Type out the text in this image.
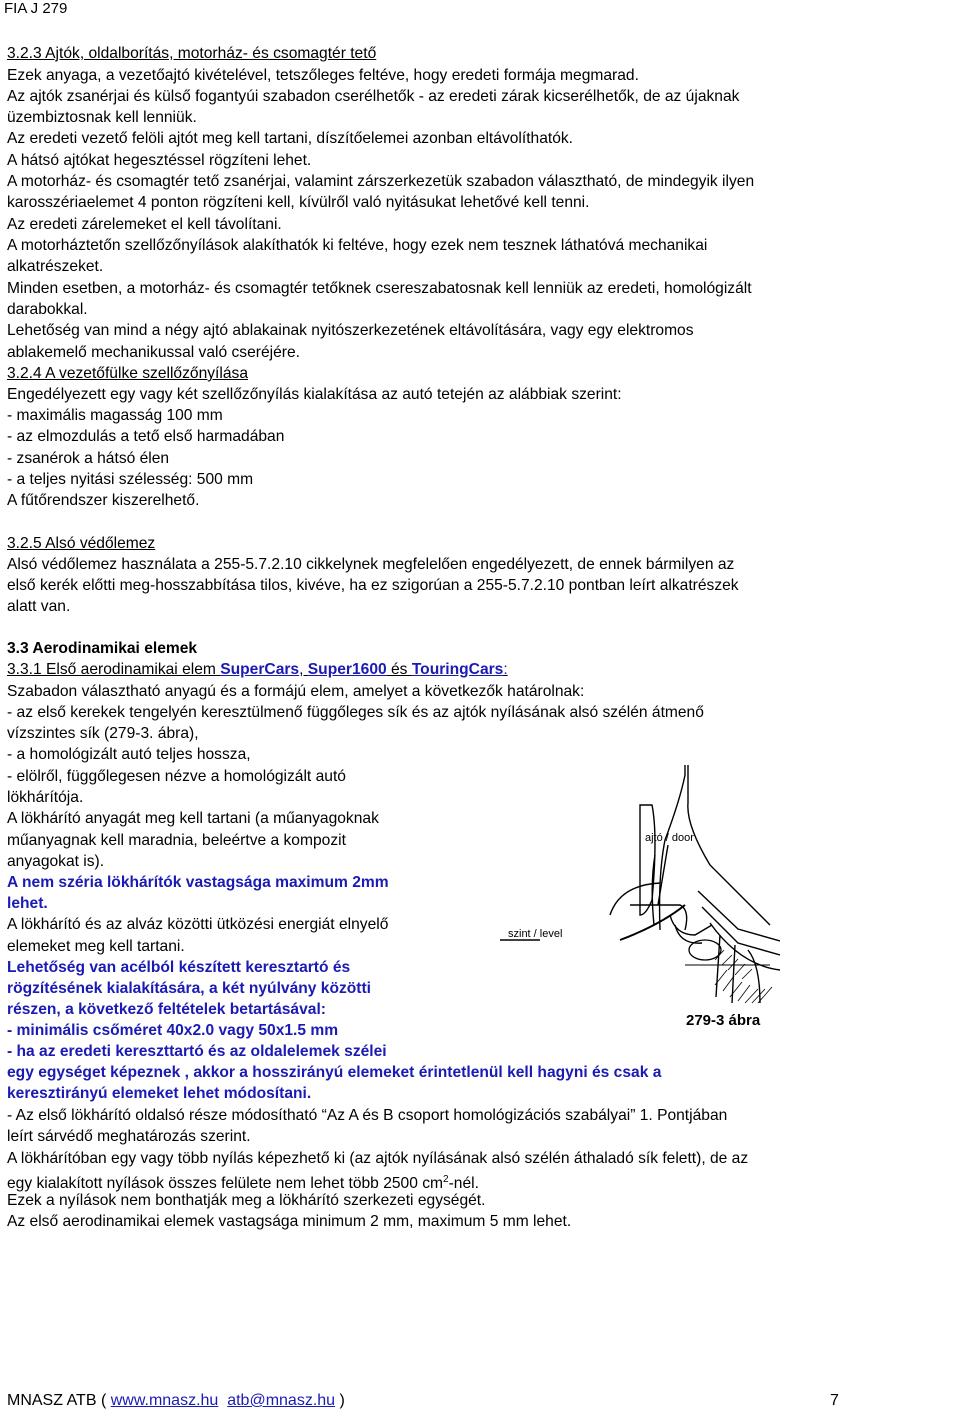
FIA J 279
3.2.3 Ajtók, oldalborítás, motorház- és csomagtér tető
Ezek anyaga, a vezetőajtó kivételével, tetszőleges feltéve, hogy eredeti formája megmarad.
Az ajtók zsanérjai és külső fogantyúi szabadon cserélhetők - az eredeti zárak kicserélhetők, de az újaknak
üzembiztosnak kell lenniük.
Az eredeti vezető felöli ajtót meg kell tartani, díszítőelemei azonban eltávolíthatók.
A hátsó ajtókat hegesztéssel rögzíteni lehet.
A motorház- és csomagtér tető zsanérjai, valamint zárszerkezetük szabadon választható, de mindegyik ilyen
karosszériaelemet 4 ponton rögzíteni kell, kívülről való nyitásukat lehetővé kell tenni.
Az eredeti zárelemeket el kell távolítani.
A motorháztetőn szellőzőnyílások alakíthatók ki feltéve, hogy ezek nem tesznek láthatóvá mechanikai
alkatrészeket.
Minden esetben, a motorház- és csomagtér tetőknek csereszabatosnak kell lenniük az eredeti, homológizált
darabokkal.
Lehetőség van mind a négy ajtó ablakainak nyitószerkezetének eltávolítására, vagy egy elektromos
ablakemelő mechanikussal való cseréjére.
3.2.4 A vezetőfülke szellőzőnyílása
Engedélyezett egy vagy két szellőzőnyílás kialakítása az autó tetején az alábbiak szerint:
- maximális magasság 100 mm
- az elmozdulás a tető első harmadában
- zsanérok a hátsó élen
- a teljes nyitási szélesség: 500 mm
A fűtőrendszer kiszerelhető.
3.2.5 Alsó védőlemez
Alsó védőlemez használata a 255-5.7.2.10 cikkelynek megfelelően engedélyezett, de ennek bármilyen az
első kerék előtti meg-hosszabbítása tilos, kivéve, ha ez szigorúan a 255-5.7.2.10 pontban leírt alkatrészek
alatt van.
3.3 Aerodinamikai elemek
3.3.1 Első aerodinamikai elem SuperCars, Super1600 és TouringCars:
Szabadon választható anyagú és a formájú elem, amelyet a következők határolnak:
- az első kerekek tengelyén keresztülmenő függőleges sík és az ajtók nyílásának alsó szélén átmenő
vízszintes sík (279-3. ábra),
- a homológizált autó teljes hossza,
- elölről, függőlegesen nézve a homológizált autó
lökhárítója.
A lökhárító anyagát meg kell tartani (a műanyagoknak
műanyagnak kell maradnia, beleértve a kompozit
anyagokat is).
A nem széria lökhárítók vastagsága maximum 2mm
lehet.
A lökhárító és az alváz közötti ütközési energiát elnyelő
elemeket meg kell tartani.
Lehetőség van acélból készített keresztartó és
rögzítésének kialakítására, a két nyúlvány közötti
részen, a következő feltételek betartásával:
- minimális csőméret 40x2.0 vagy 50x1.5 mm
- ha az eredeti kereszttartó és az oldalelemek szélei
egy egységet képeznek , akkor a hosszirányú elemeket érintetlenül kell hagyni és csak a
keresztirányú elemeket lehet módosítani.
- Az első lökhárító oldalsó része módosítható “Az A és B csoport homológizációs szabályai” 1. Pontjában
leírt sárvédő meghatározás szerint.
A lökhárítóban egy vagy több nyílás képezhető ki (az ajtók nyílásának alsó szélén áthaladó sík felett), de az
egy kialakított nyílások összes felülete nem lehet több 2500 $cm^2$-nél.
Ezek a nyílások nem bonthatják meg a lökhárító szerkezeti egységét.
Az első aerodinamikai elemek vastagsága minimum 2 mm, maximum 5 mm lehet.
ajtó / door
szint / level
279-3 ábra
MNASZ ATB ( www.mnasz.hu atb@mnasz.hu )	7
